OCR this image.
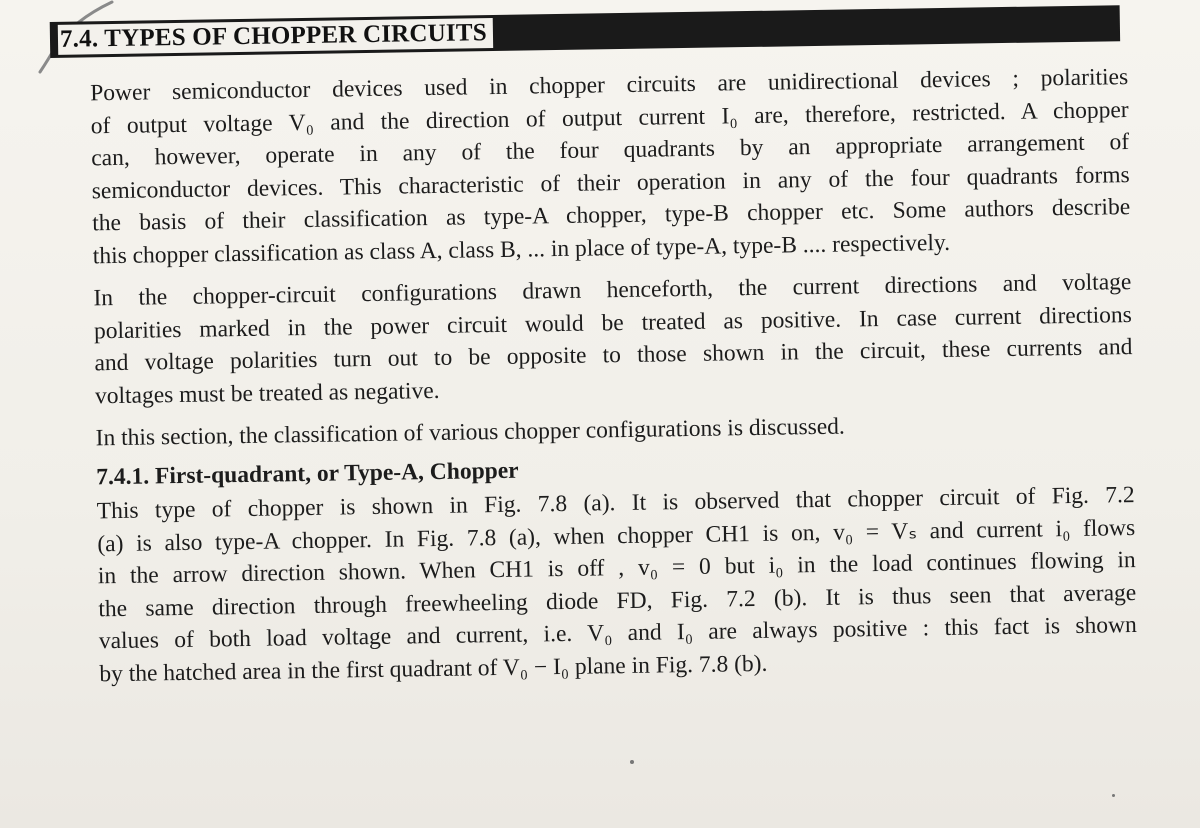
7.4. TYPES OF CHOPPER CIRCUITS

Power semiconductor devices used in chopper circuits are unidirectional devices ; polarities
of output voltage V₀ and the direction of output current I₀ are, therefore, restricted. A chopper
can, however, operate in any of the four quadrants by an appropriate arrangement of
semiconductor devices. This characteristic of their operation in any of the four quadrants forms
the basis of their classification as type-A chopper, type-B chopper etc. Some authors describe
this chopper classification as class A, class B, ... in place of type-A, type-B .... respectively.

In the chopper-circuit configurations drawn henceforth, the current directions and voltage
polarities marked in the power circuit would be treated as positive. In case current directions
and voltage polarities turn out to be opposite to those shown in the circuit, these currents and
voltages must be treated as negative.

In this section, the classification of various chopper configurations is discussed.

7.4.1. First-quadrant, or Type-A, Chopper

This type of chopper is shown in Fig. 7.8 (a). It is observed that chopper circuit of Fig. 7.2
(a) is also type-A chopper. In Fig. 7.8 (a), when chopper CH1 is on, v₀ = Vₛ and current i₀ flows
in the arrow direction shown. When CH1 is off , v₀ = 0 but i₀ in the load continues flowing in
the same direction through freewheeling diode FD, Fig. 7.2 (b). It is thus seen that average
values of both load voltage and current, i.e. V₀ and I₀ are always positive : this fact is shown
by the hatched area in the first quadrant of V₀ − I₀ plane in Fig. 7.8 (b).
